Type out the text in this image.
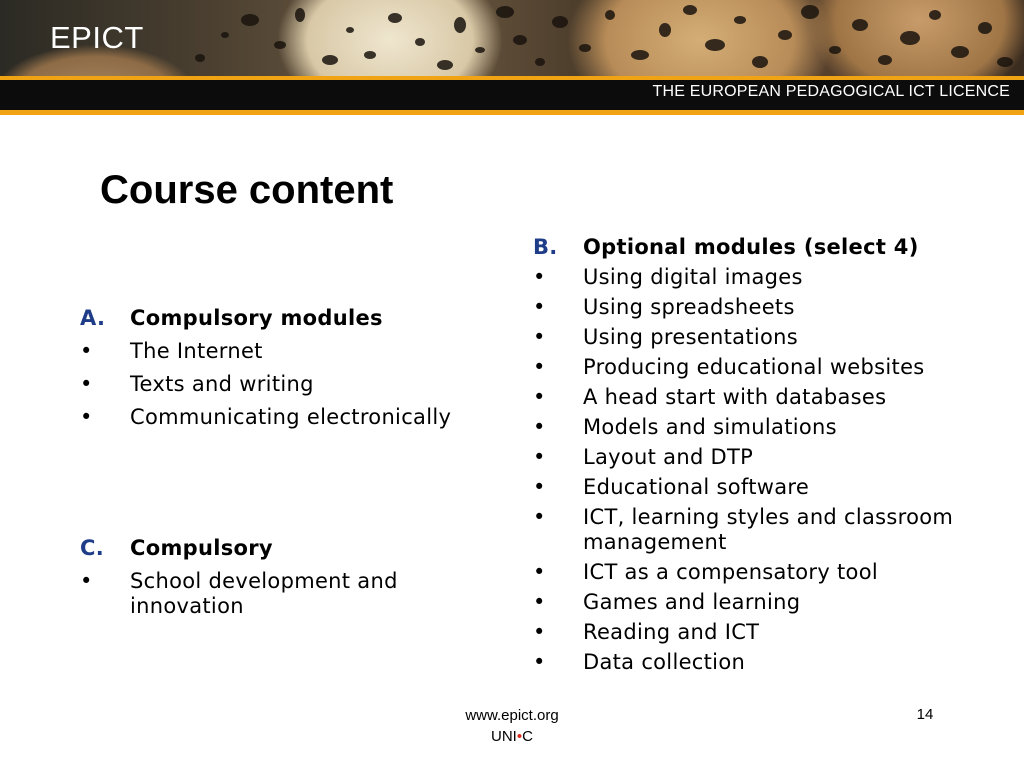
EPICT
THE EUROPEAN PEDAGOGICAL ICT LICENCE
Course content
A.	Compulsory modules
•	The Internet
•	Texts and writing
•	Communicating electronically
C.	Compulsory
•	School development and innovation
B.	Optional modules (select 4)
•	Using digital images
•	Using spreadsheets
•	Using presentations
•	Producing educational websites
•	A head start with databases
•	Models and simulations
•	Layout and DTP
•	Educational software
•	ICT, learning styles and classroom management
•	ICT as a compensatory tool
•	Games and learning
•	Reading and ICT
•	Data collection
www.epict.org
UNI•C
14
